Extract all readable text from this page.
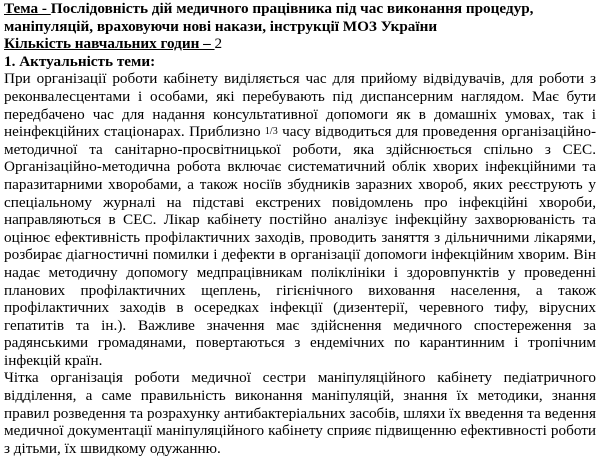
Тема - Послідовність дій медичного працівника під час виконання процедур, маніпуляцій, враховуючи нові накази, інструкції МОЗ України

Кількість навчальних годин – 2

1. Актуальність теми:

При організації роботи кабінету виділяється час для прийому відвідувачів, для роботи з реконвалесцентами і особами, які перебувають під диспансерним наглядом. Має бути передбачено час для надання консультативної допомоги як в домашніх умовах, так і неінфекційних стаціонарах. Приблизно 1/3 часу відводиться для проведення організаційно-методичної та санітарно-просвітницької роботи, яка здійснюється спільно з СЕС. Організаційно-методична робота включає систематичний облік хворих інфекційними та паразитарними хворобами, а також носіїв збудників заразних хвороб, яких реєструють у спеціальному журналі на підставі екстрених повідомлень про інфекційні хвороби, направляються в СЕС. Лікар кабінету постійно аналізує інфекційну захворюваність та оцінює ефективність профілактичних заходів, проводить заняття з дільничними лікарями, розбирає діагностичні помилки і дефекти в організації допомоги інфекційним хворим. Він надає методичну допомогу медпрацівникам поліклініки і здоровпунктів у проведенні планових профілактичних щеплень, гігієнічного виховання населення, а також профілактичних заходів в осередках інфекції (дизентерії, черевного тифу, вірусних гепатитів та ін.). Важливе значення має здійснення медичного спостереження за радянськими громадянами, повертаються з ендемічних по карантинним і тропічним інфекцій країн.

Чітка організація роботи медичної сестри маніпуляційного кабінету педіатричного відділення, а саме правильність виконання маніпуляцій, знання їх методики, знання правил розведення та розрахунку антибактеріальних засобів, шляхи їх введення та ведення медичної документації маніпуляційного кабінету сприяє підвищенню ефективності роботи з дітьми, їх швидкому одужанню.
